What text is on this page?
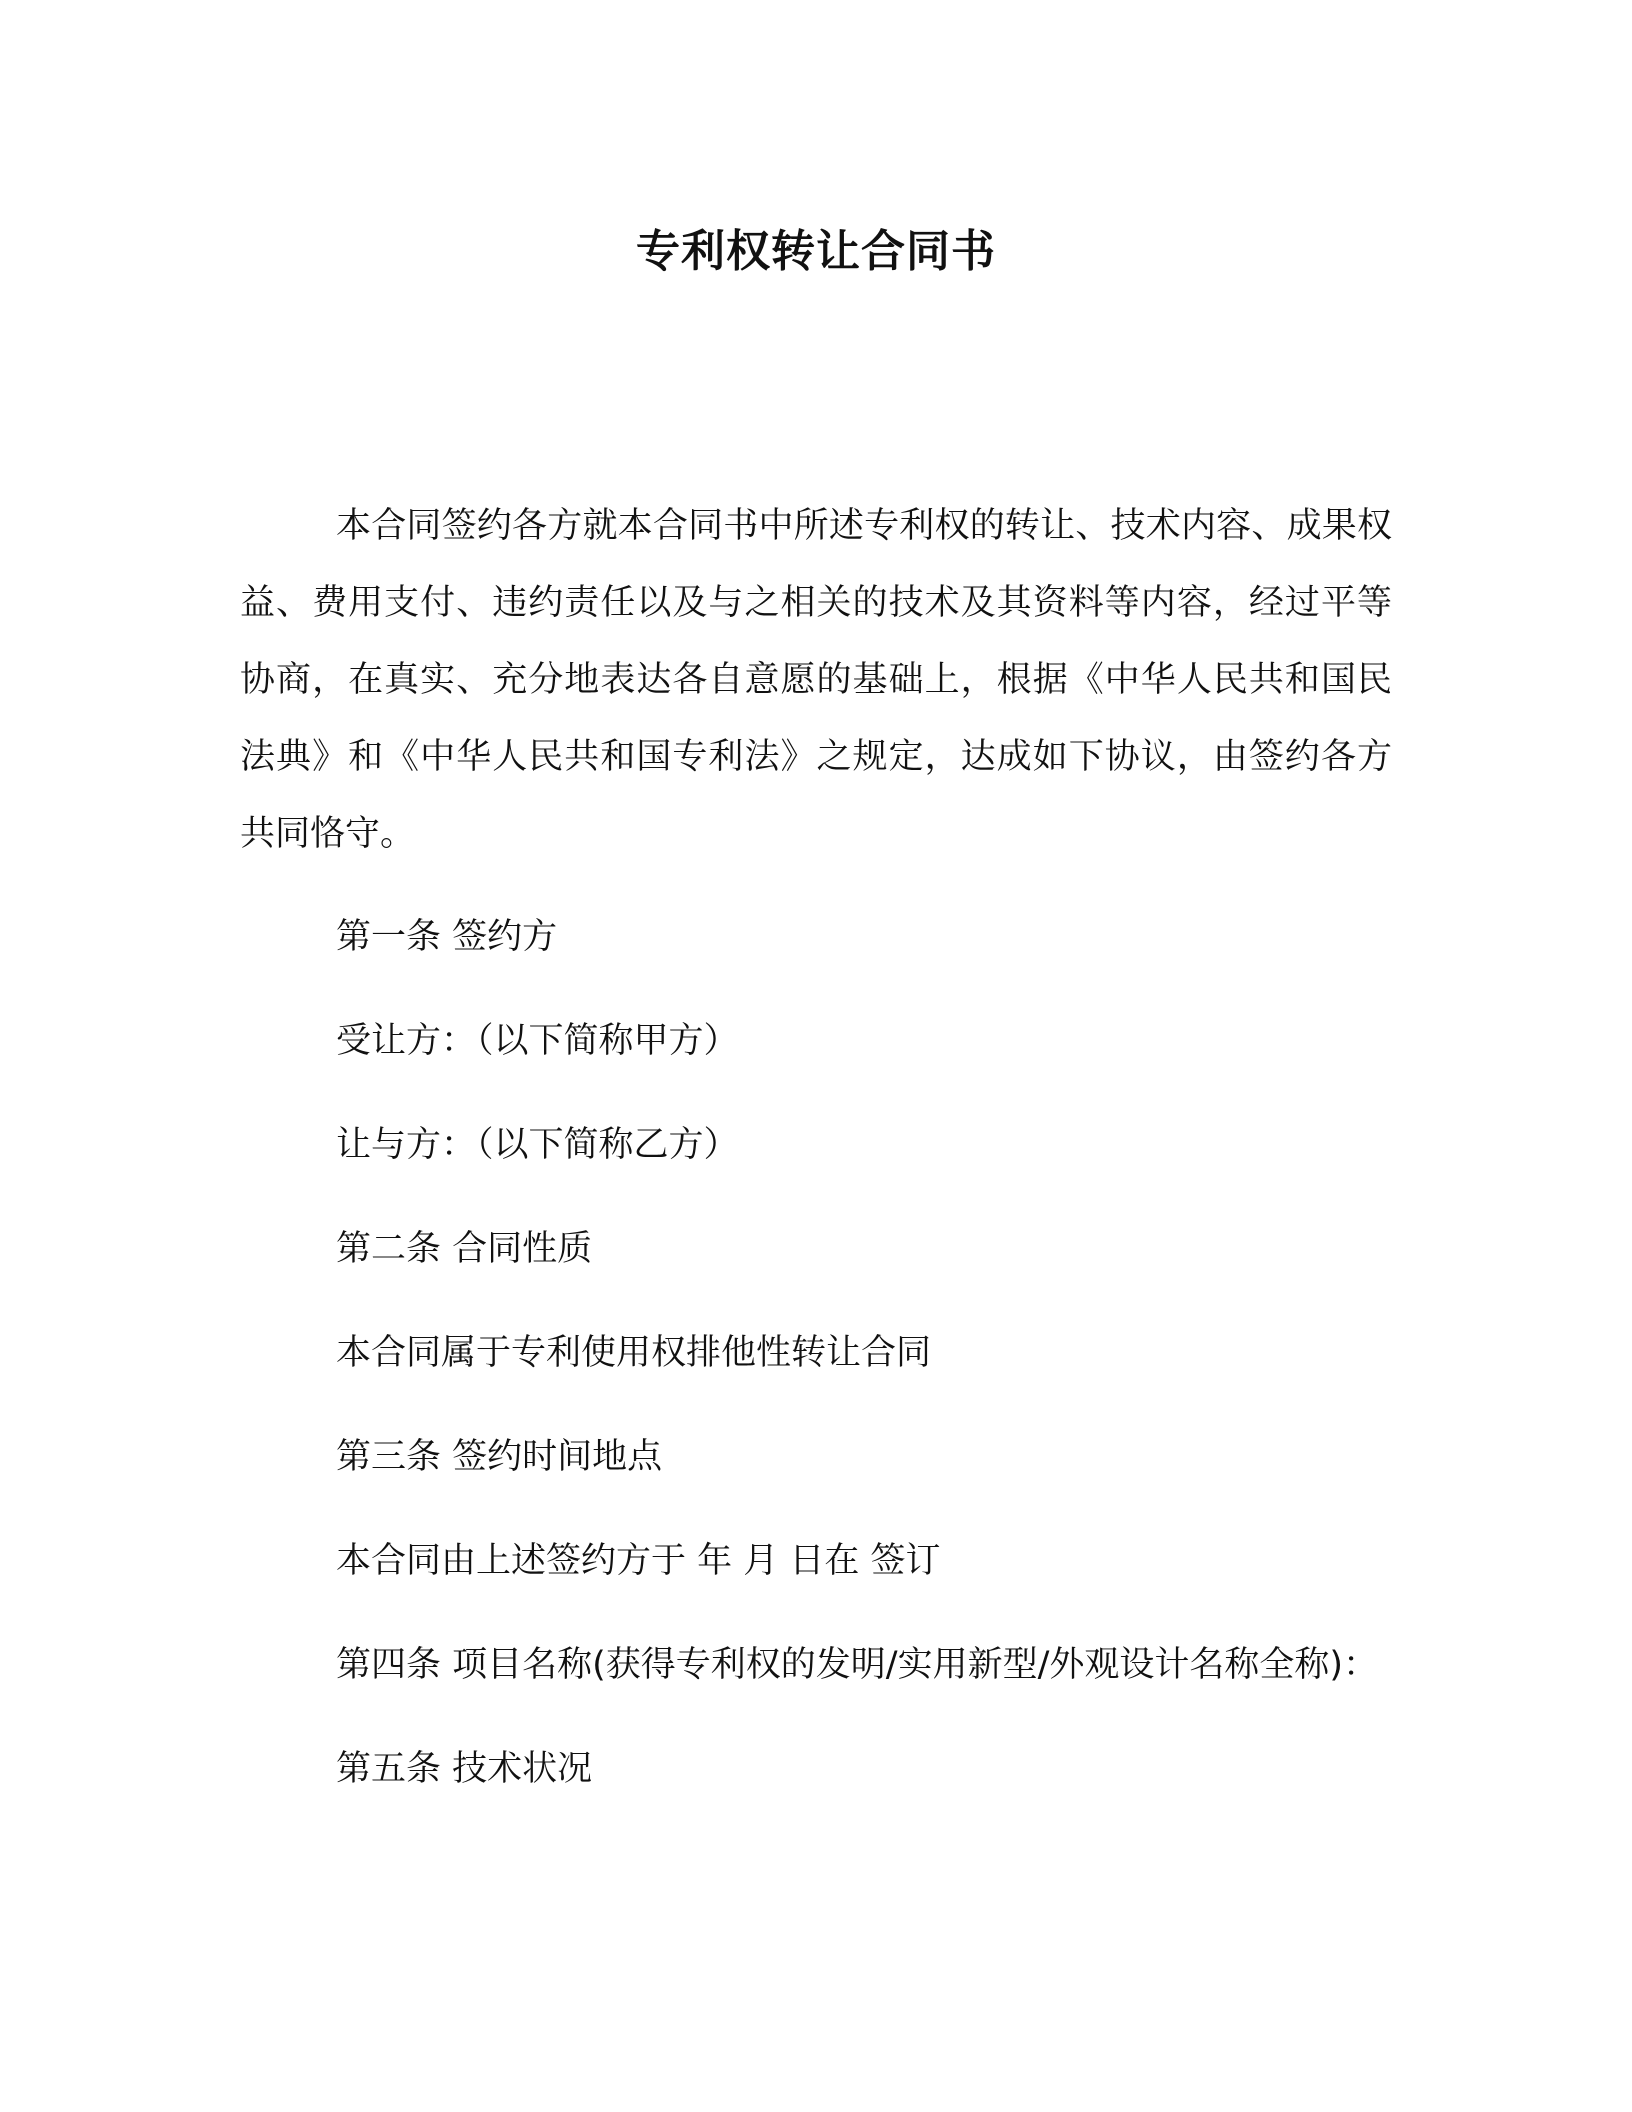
专利权转让合同书

本合同签约各方就本合同书中所述专利权的转让、技术内容、成果权益、费用支付、违约责任以及与之相关的技术及其资料等内容，经过平等协商，在真实、充分地表达各自意愿的基础上，根据《中华人民共和国民法典》和《中华人民共和国专利法》之规定，达成如下协议，由签约各方共同恪守。

第一条 签约方

受让方：（以下简称甲方）

让与方：（以下简称乙方）

第二条 合同性质

本合同属于专利使用权排他性转让合同

第三条 签约时间地点

本合同由上述签约方于 年 月 日在 签订

第四条 项目名称(获得专利权的发明/实用新型/外观设计名称全称)：

第五条 技术状况
